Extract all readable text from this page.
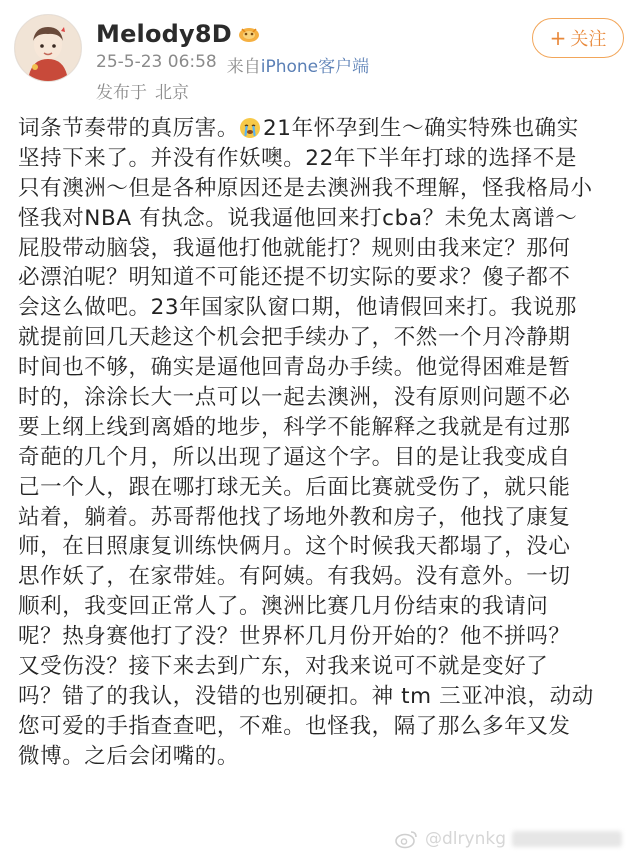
Melody8D
25-5-23 06:58 来自iPhone客户端
发布于 北京
+ 关注
词条节奏带的真厉害。 21年怀孕到生～确实特殊也确实
坚持下来了。并没有作妖噢。22年下半年打球的选择不是
只有澳洲～但是各种原因还是去澳洲我不理解，怪我格局小
怪我对NBA 有执念。说我逼他回来打cba？未免太离谱～
屁股带动脑袋，我逼他打他就能打？规则由我来定？那何
必漂泊呢？明知道不可能还提不切实际的要求？傻子都不
会这么做吧。23年国家队窗口期，他请假回来打。我说那
就提前回几天趁这个机会把手续办了，不然一个月冷静期
时间也不够，确实是逼他回青岛办手续。他觉得困难是暂
时的，涂涂长大一点可以一起去澳洲，没有原则问题不必
要上纲上线到离婚的地步，科学不能解释之我就是有过那
奇葩的几个月，所以出现了逼这个字。目的是让我变成自
己一个人，跟在哪打球无关。后面比赛就受伤了，就只能
站着，躺着。苏哥帮他找了场地外教和房子，他找了康复
师，在日照康复训练快俩月。这个时候我天都塌了，没心
思作妖了，在家带娃。有阿姨。有我妈。没有意外。一切
顺利，我变回正常人了。澳洲比赛几月份结束的我请问
呢？热身赛他打了没？世界杯几月份开始的？他不拼吗？
又受伤没？接下来去到广东，对我来说可不就是变好了
吗？错了的我认，没错的也别硬扣。神 tm 三亚冲浪，动动
您可爱的手指查查吧，不难。也怪我，隔了那么多年又发
微博。之后会闭嘴的。
@dlrynkg
